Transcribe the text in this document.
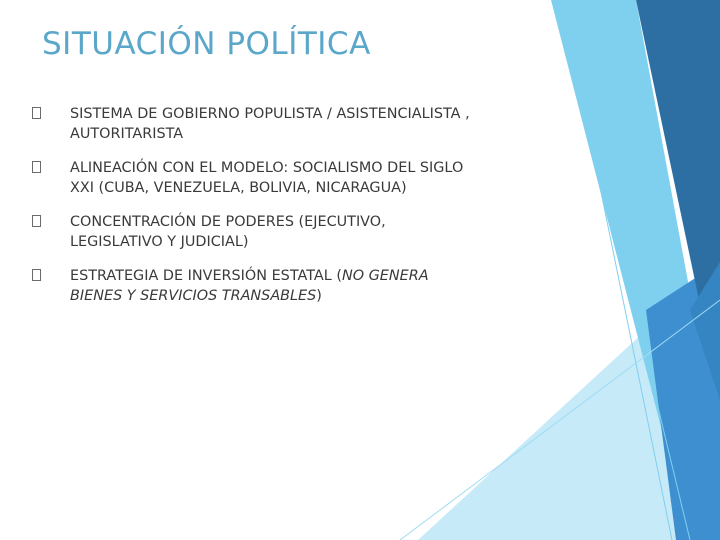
SITUACIÓN POLÍTICA
SISTEMA DE GOBIERNO POPULISTA / ASISTENCIALISTA ,
AUTORITARISTA
ALINEACIÓN CON EL MODELO: SOCIALISMO DEL SIGLO
XXI (CUBA, VENEZUELA, BOLIVIA, NICARAGUA)
CONCENTRACIÓN DE PODERES (EJECUTIVO,
LEGISLATIVO Y JUDICIAL)
ESTRATEGIA DE INVERSIÓN ESTATAL (NO GENERA
BIENES Y SERVICIOS TRANSABLES)
